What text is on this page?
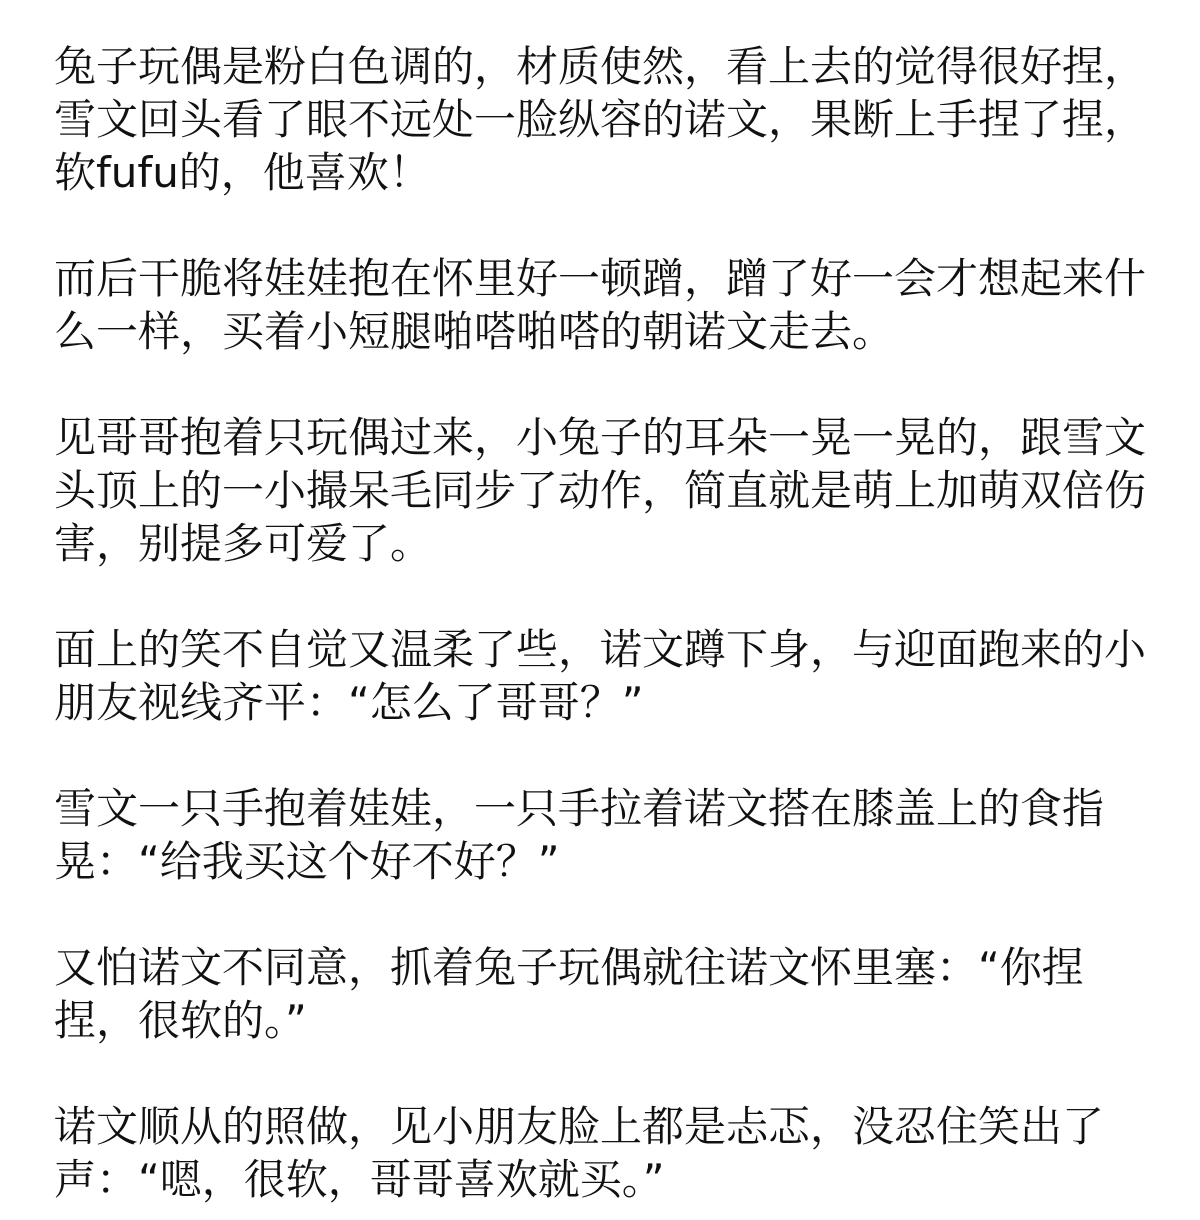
兔子玩偶是粉白色调的，材质使然，看上去的觉得很好捏，雪文回头看了眼不远处一脸纵容的诺文，果断上手捏了捏，软fufu的，他喜欢！

而后干脆将娃娃抱在怀里好一顿蹭，蹭了好一会才想起来什么一样，买着小短腿啪嗒啪嗒的朝诺文走去。

见哥哥抱着只玩偶过来，小兔子的耳朵一晃一晃的，跟雪文头顶上的一小撮呆毛同步了动作，简直就是萌上加萌双倍伤害，别提多可爱了。

面上的笑不自觉又温柔了些，诺文蹲下身，与迎面跑来的小朋友视线齐平：“怎么了哥哥？”

雪文一只手抱着娃娃，一只手拉着诺文搭在膝盖上的食指晃：“给我买这个好不好？”

又怕诺文不同意，抓着兔子玩偶就往诺文怀里塞：“你捏捏，很软的。”

诺文顺从的照做，见小朋友脸上都是忐忑，没忍住笑出了声：“嗯，很软，哥哥喜欢就买。”
